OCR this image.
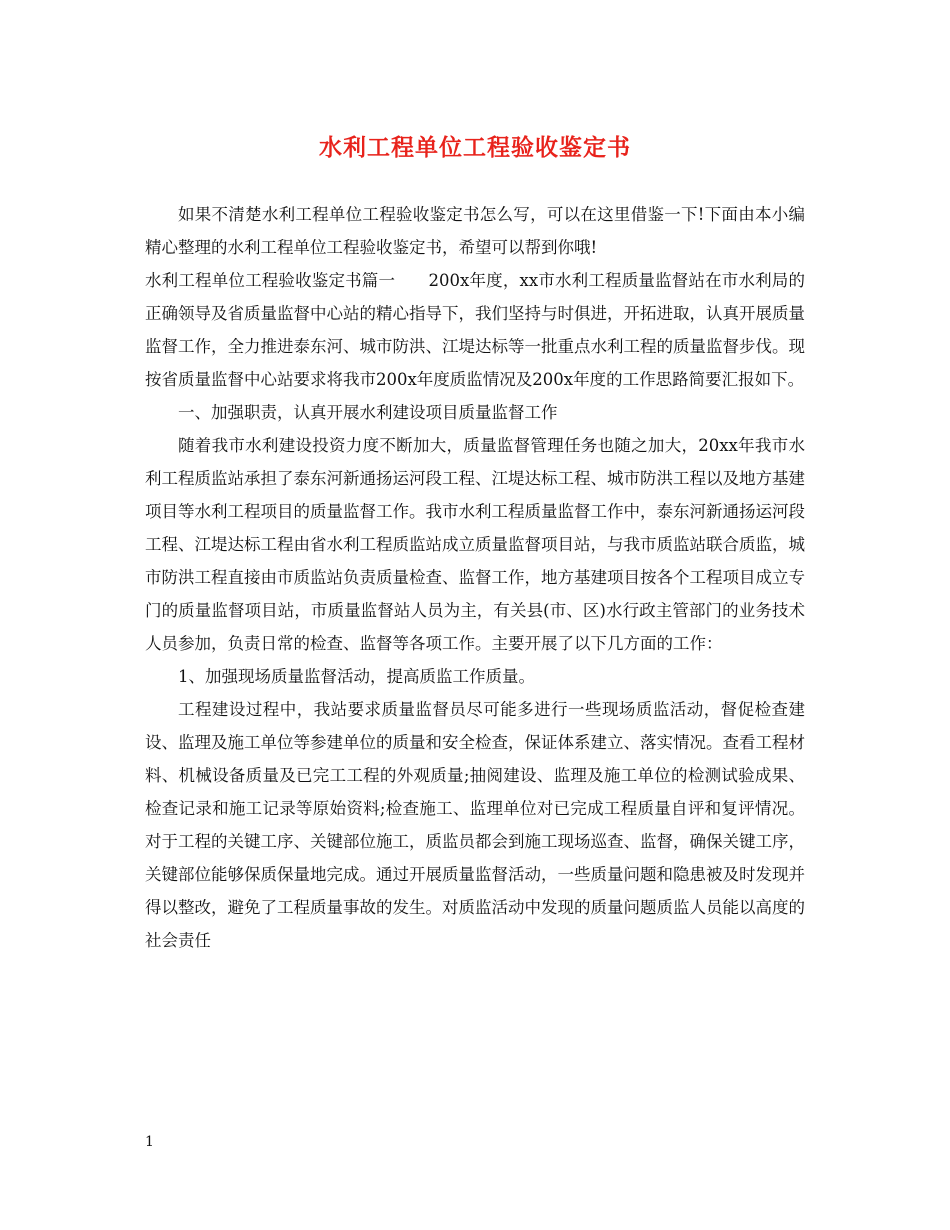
水利工程单位工程验收鉴定书

如果不清楚水利工程单位工程验收鉴定书怎么写，可以在这里借鉴一下!下面由本小编精心整理的水利工程单位工程验收鉴定书，希望可以帮到你哦!

水利工程单位工程验收鉴定书篇一　　200x年度，xx市水利工程质量监督站在市水利局的正确领导及省质量监督中心站的精心指导下，我们坚持与时俱进，开拓进取，认真开展质量监督工作，全力推进泰东河、城市防洪、江堤达标等一批重点水利工程的质量监督步伐。现按省质量监督中心站要求将我市200x年度质监情况及200x年度的工作思路简要汇报如下。

一、加强职责，认真开展水利建设项目质量监督工作

随着我市水利建设投资力度不断加大，质量监督管理任务也随之加大，20xx年我市水利工程质监站承担了泰东河新通扬运河段工程、江堤达标工程、城市防洪工程以及地方基建项目等水利工程项目的质量监督工作。我市水利工程质量监督工作中，泰东河新通扬运河段工程、江堤达标工程由省水利工程质监站成立质量监督项目站，与我市质监站联合质监，城市防洪工程直接由市质监站负责质量检查、监督工作，地方基建项目按各个工程项目成立专门的质量监督项目站，市质量监督站人员为主，有关县(市、区)水行政主管部门的业务技术人员参加，负责日常的检查、监督等各项工作。主要开展了以下几方面的工作：

1、加强现场质量监督活动，提高质监工作质量。

工程建设过程中，我站要求质量监督员尽可能多进行一些现场质监活动，督促检查建设、监理及施工单位等参建单位的质量和安全检查，保证体系建立、落实情况。查看工程材料、机械设备质量及已完工工程的外观质量;抽阅建设、监理及施工单位的检测试验成果、检查记录和施工记录等原始资料;检查施工、监理单位对已完成工程质量自评和复评情况。对于工程的关键工序、关键部位施工，质监员都会到施工现场巡查、监督，确保关键工序，关键部位能够保质保量地完成。通过开展质量监督活动，一些质量问题和隐患被及时发现并得以整改，避免了工程质量事故的发生。对质监活动中发现的质量问题质监人员能以高度的社会责任

1
